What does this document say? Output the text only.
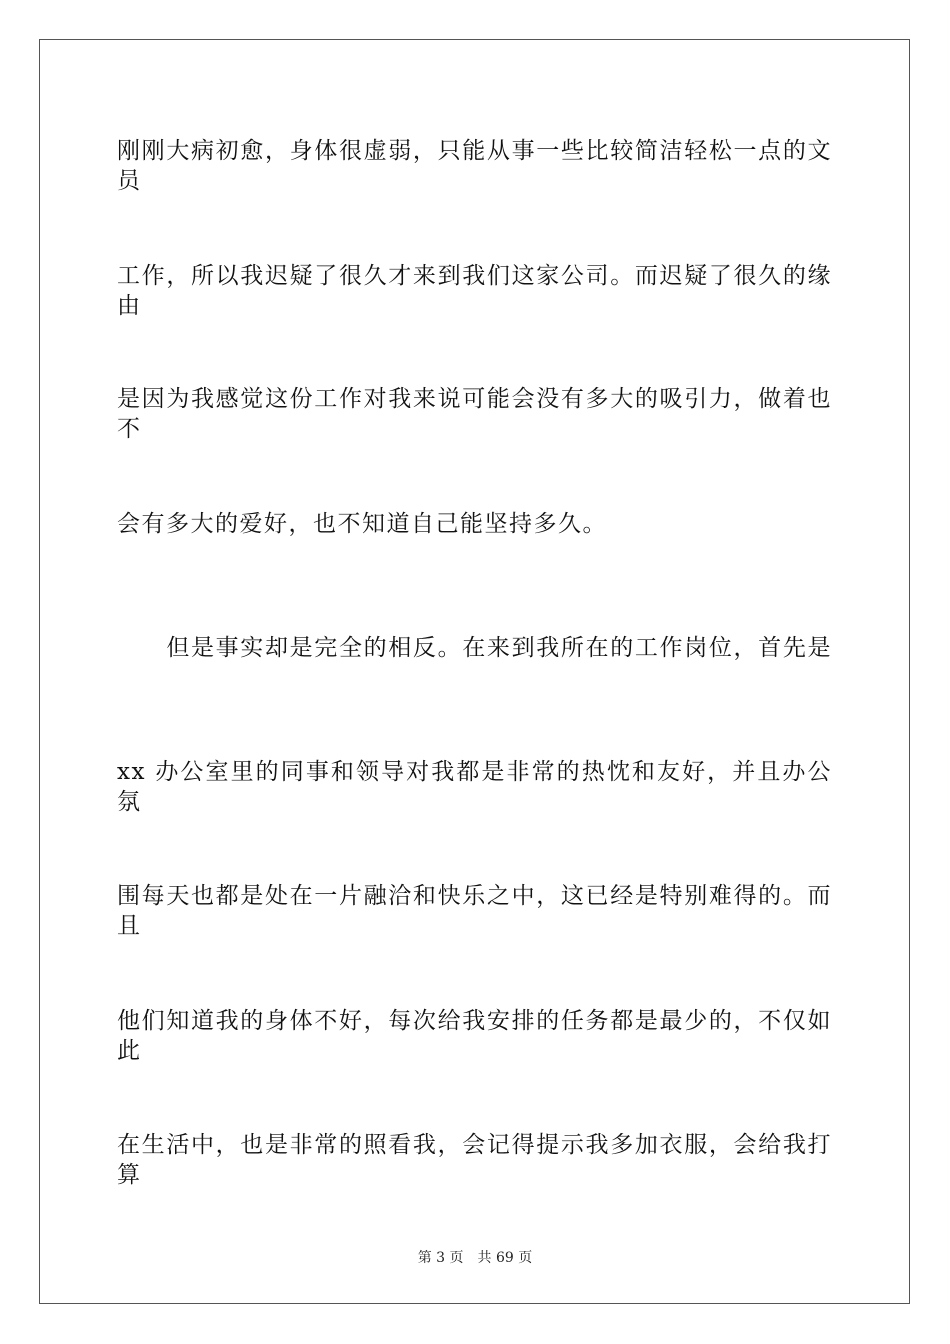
刚刚大病初愈，身体很虚弱，只能从事一些比较简洁轻松一点的文员
工作，所以我迟疑了很久才来到我们这家公司。而迟疑了很久的缘由
是因为我感觉这份工作对我来说可能会没有多大的吸引力，做着也不
会有多大的爱好，也不知道自己能坚持多久。
　　但是事实却是完全的相反。在来到我所在的工作岗位，首先是
xx 办公室里的同事和领导对我都是非常的热忱和友好，并且办公氛
围每天也都是处在一片融洽和快乐之中，这已经是特别难得的。而且
他们知道我的身体不好，每次给我安排的任务都是最少的，不仅如此
在生活中，也是非常的照看我，会记得提示我多加衣服，会给我打算
第 3 页 共 69 页
